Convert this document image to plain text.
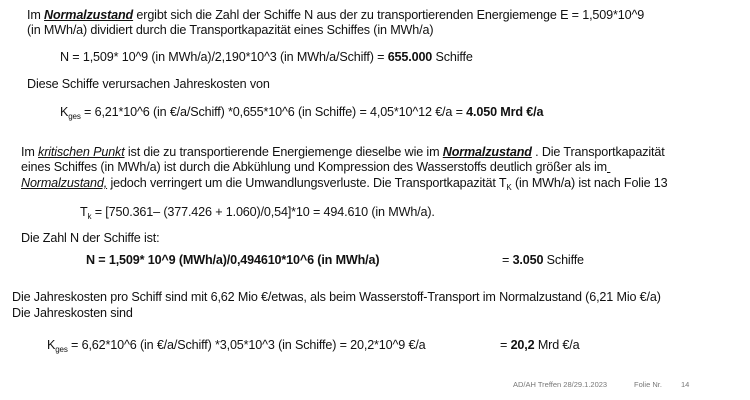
Im Normalzustand ergibt sich die Zahl der Schiffe N aus der zu transportierenden Energiemenge E = 1,509*10^9
(in MWh/a) dividiert durch die Transportkapazität eines Schiffes (in MWh/a)
N = 1,509* 10^9 (in MWh/a)/2,190*10^3 (in MWh/a/Schiff) = 655.000 Schiffe
Diese Schiffe verursachen Jahreskosten von
$K_{ges}$ = 6,21*10^6 (in €/a/Schiff) *0,655*10^6 (in Schiffe) = 4,05*10^12 €/a = 4.050 Mrd €/a
Im kritischen Punkt ist die zu transportierende Energiemenge dieselbe wie im Normalzustand . Die Transportkapazität
eines Schiffes (in MWh/a) ist durch die Abkühlung und Kompression des Wasserstoffs deutlich größer als im
Normalzustand, jedoch verringert um die Umwandlungsverluste. Die Transportkapazität $T_K$ (in MWh/a) ist nach Folie 13
$T_k = [750.361-$ (377.426 + 1.060)/0,54]*10 = 494.610 (in MWh/a).
Die Zahl N der Schiffe ist:
N = 1,509* 10^9 (MWh/a)/0,494610*10^6 (in MWh/a)	= 3.050 Schiffe
Die Jahreskosten pro Schiff sind mit 6,62 Mio €/etwas, als beim Wasserstoff-Transport im Normalzustand (6,21 Mio €/a)
Die Jahreskosten sind
$K_{ges}$ = 6,62*10^6 (in €/a/Schiff) *3,05*10^3 (in Schiffe) = 20,2*10^9 €/a	= 20,2 Mrd €/a
AD/AH Treffen 28/29.1.2023	Folie Nr.	14
